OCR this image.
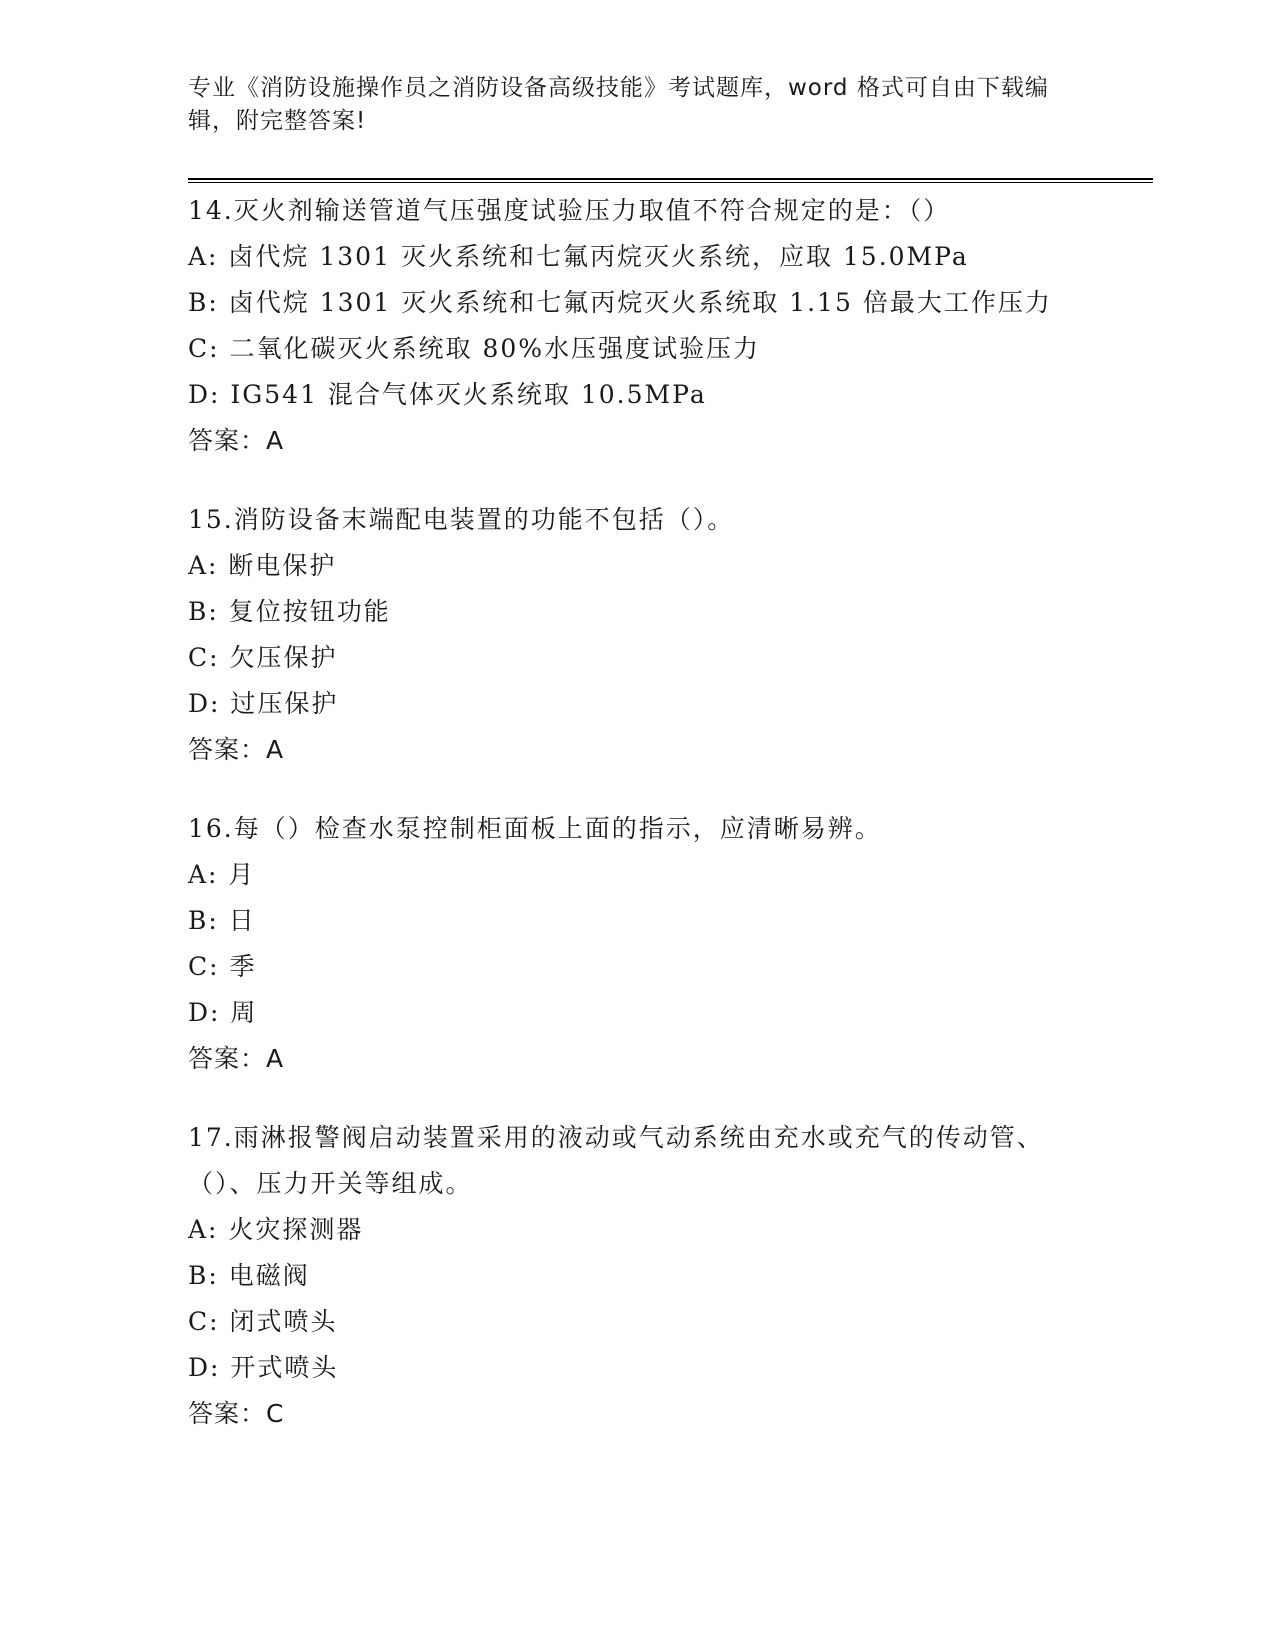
专业《消防设施操作员之消防设备高级技能》考试题库，word 格式可自由下载编辑，附完整答案!
14.灭火剂输送管道气压强度试验压力取值不符合规定的是：（）
A: 卤代烷 1301 灭火系统和七氟丙烷灭火系统，应取 15.0MPa
B: 卤代烷 1301 灭火系统和七氟丙烷灭火系统取 1.15 倍最大工作压力
C: 二氧化碳灭火系统取 80%水压强度试验压力
D: IG541 混合气体灭火系统取 10.5MPa
答案：A
15.消防设备末端配电装置的功能不包括（）。
A: 断电保护
B: 复位按钮功能
C: 欠压保护
D: 过压保护
答案：A
16.每（）检查水泵控制柜面板上面的指示，应清晰易辨。
A: 月
B: 日
C: 季
D: 周
答案：A
17.雨淋报警阀启动装置采用的液动或气动系统由充水或充气的传动管、（）、压力开关等组成。
A: 火灾探测器
B: 电磁阀
C: 闭式喷头
D: 开式喷头
答案：C
